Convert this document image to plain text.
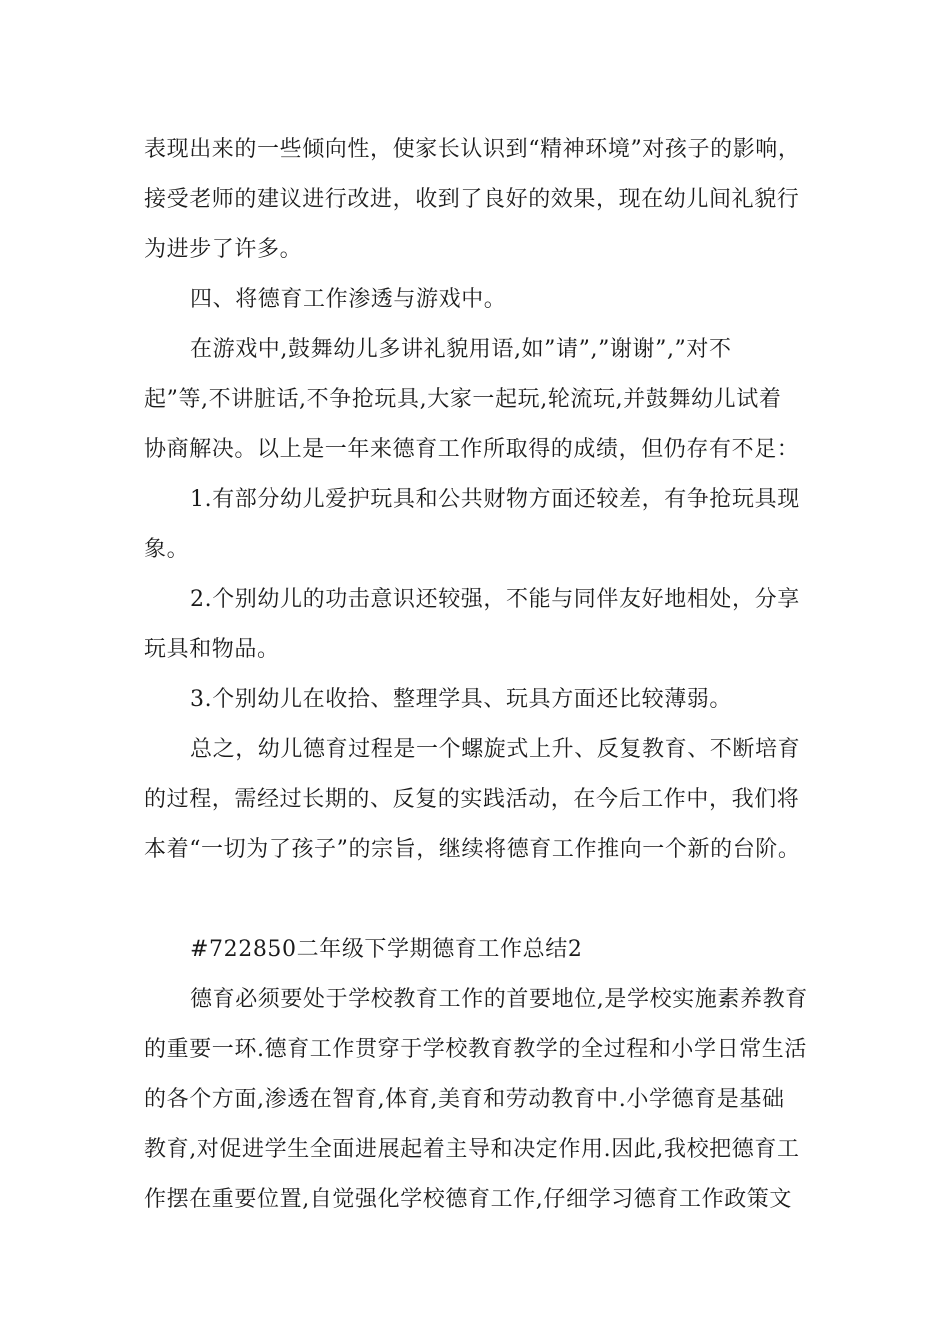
表现出来的一些倾向性，使家长认识到“精神环境”对孩子的影响，
接受老师的建议进行改进，收到了良好的效果，现在幼儿间礼貌行
为进步了许多。
四、将德育工作渗透与游戏中。
在游戏中,鼓舞幼儿多讲礼貌用语,如”请”,”谢谢”,”对不
起”等,不讲脏话,不争抢玩具,大家一起玩,轮流玩,并鼓舞幼儿试着
协商解决。以上是一年来德育工作所取得的成绩，但仍存有不足：
1.有部分幼儿爱护玩具和公共财物方面还较差，有争抢玩具现
象。
2.个别幼儿的功击意识还较强，不能与同伴友好地相处，分享
玩具和物品。
3.个别幼儿在收拾、整理学具、玩具方面还比较薄弱。
总之，幼儿德育过程是一个螺旋式上升、反复教育、不断培育
的过程，需经过长期的、反复的实践活动，在今后工作中，我们将
本着“一切为了孩子”的宗旨，继续将德育工作推向一个新的台阶。
#722850二年级下学期德育工作总结2
德育必须要处于学校教育工作的首要地位,是学校实施素养教育
的重要一环.德育工作贯穿于学校教育教学的全过程和小学日常生活
的各个方面,渗透在智育,体育,美育和劳动教育中.小学德育是基础
教育,对促进学生全面进展起着主导和决定作用.因此,我校把德育工
作摆在重要位置,自觉强化学校德育工作,仔细学习德育工作政策文
